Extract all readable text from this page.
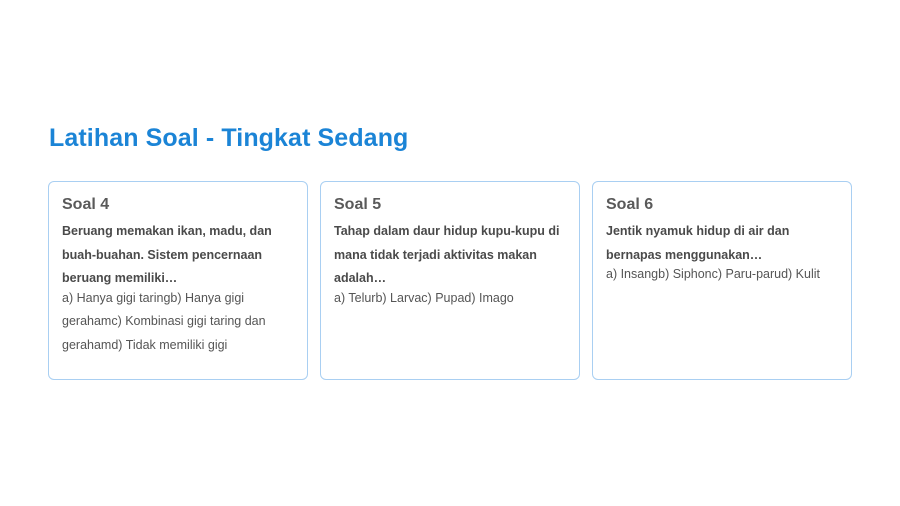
Latihan Soal - Tingkat Sedang
Soal 4

Beruang memakan ikan, madu, dan buah-buahan. Sistem pencernaan beruang memiliki…

a) Hanya gigi taringb) Hanya gigi gerahamc) Kombinasi gigi taring dan gerahamd) Tidak memiliki gigi

Soal 5

Tahap dalam daur hidup kupu-kupu di mana tidak terjadi aktivitas makan adalah…

a) Telurb) Larvac) Pupad) Imago

Soal 6

Jentik nyamuk hidup di air dan bernapas menggunakan…

a) Insangb) Siphonc) Paru-parud) Kulit
